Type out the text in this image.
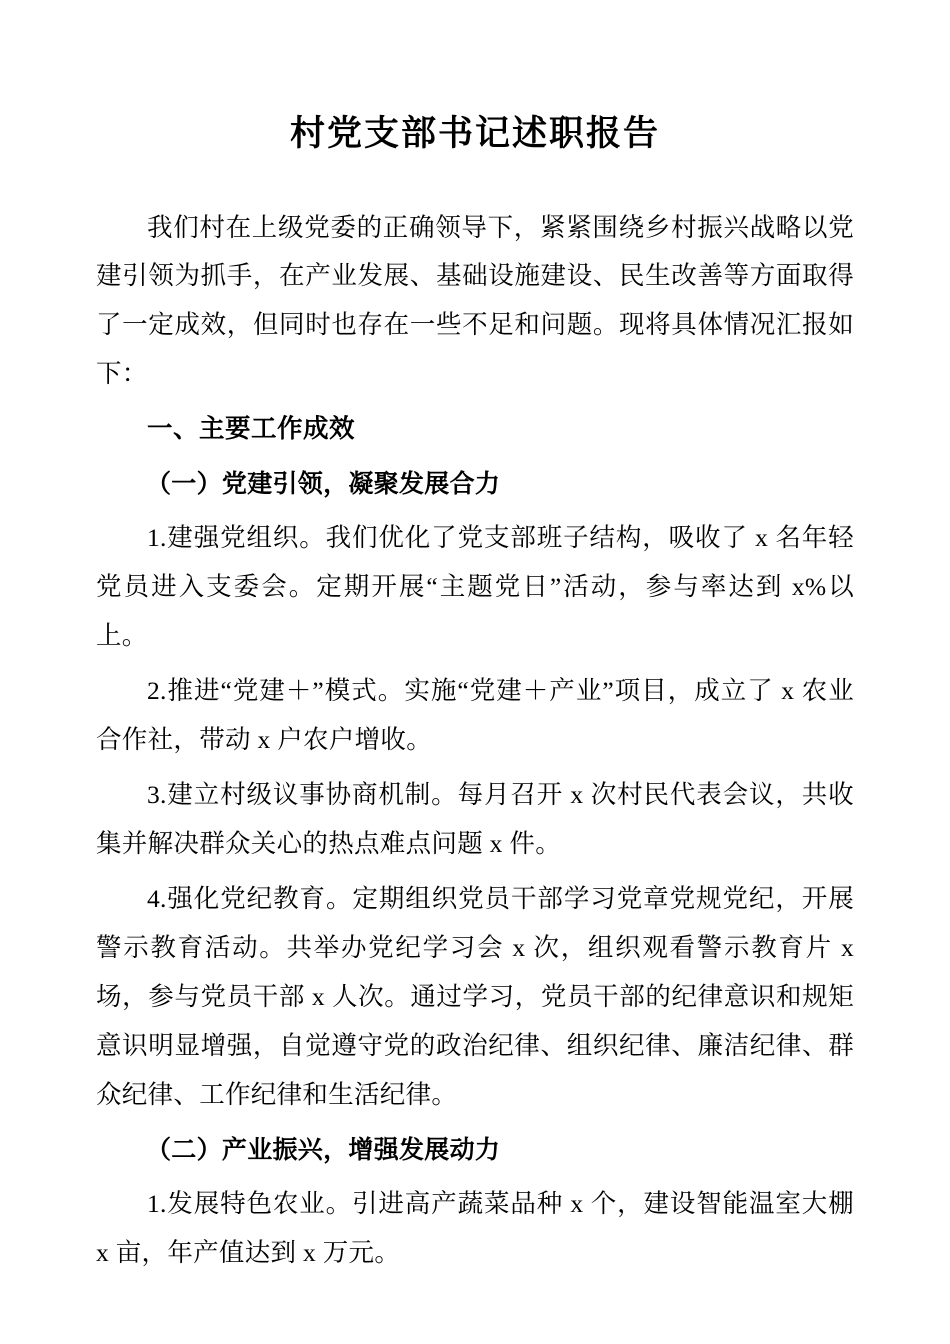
村党支部书记述职报告

我们村在上级党委的正确领导下，紧紧围绕乡村振兴战略以党建引领为抓手，在产业发展、基础设施建设、民生改善等方面取得了一定成效，但同时也存在一些不足和问题。现将具体情况汇报如下：

一、主要工作成效

（一）党建引领，凝聚发展合力

1.建强党组织。我们优化了党支部班子结构，吸收了 x 名年轻党员进入支委会。定期开展“主题党日”活动，参与率达到 x%以上。

2.推进“党建＋”模式。实施“党建＋产业”项目，成立了 x 农业合作社，带动 x 户农户增收。

3.建立村级议事协商机制。每月召开 x 次村民代表会议，共收集并解决群众关心的热点难点问题 x 件。

4.强化党纪教育。定期组织党员干部学习党章党规党纪，开展警示教育活动。共举办党纪学习会 x 次，组织观看警示教育片 x 场，参与党员干部 x 人次。通过学习，党员干部的纪律意识和规矩意识明显增强，自觉遵守党的政治纪律、组织纪律、廉洁纪律、群众纪律、工作纪律和生活纪律。

（二）产业振兴，增强发展动力

1.发展特色农业。引进高产蔬菜品种 x 个，建设智能温室大棚 x 亩，年产值达到 x 万元。
